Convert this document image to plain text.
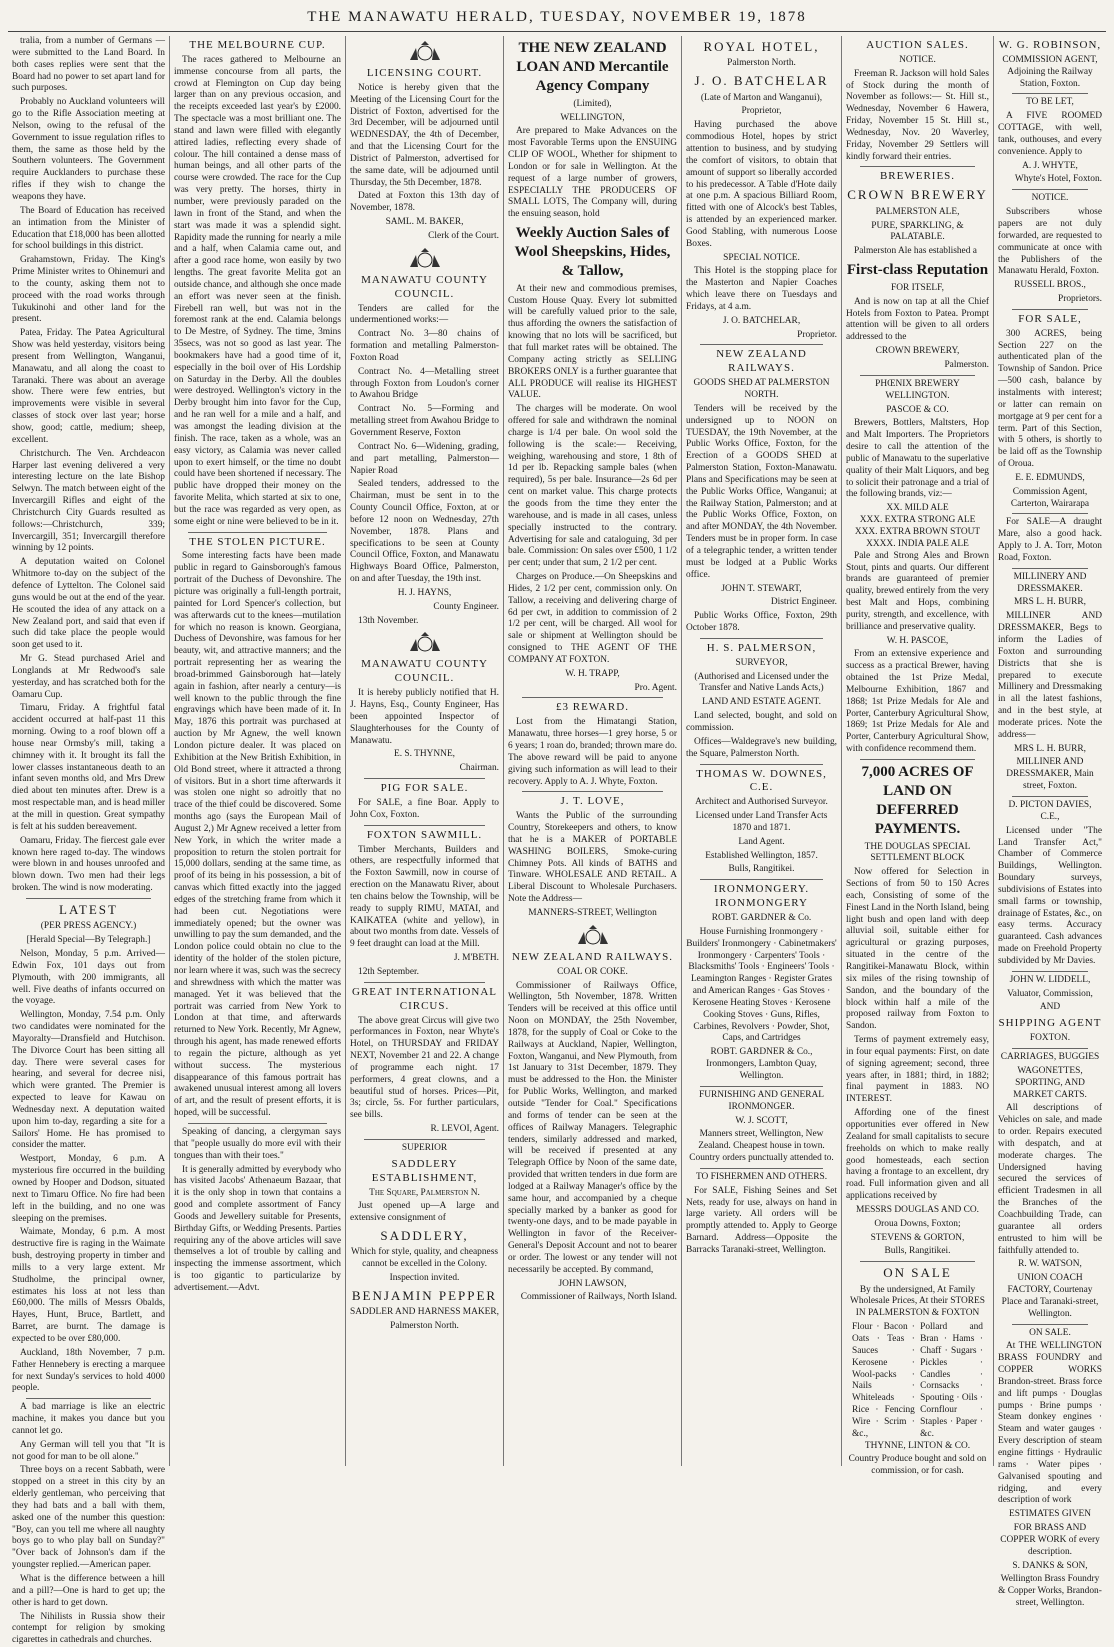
THE MANAWATU HERALD, TUESDAY, NOVEMBER 19, 1878

tralia, from a number of Germans — were submitted to the Land Board. In both cases replies were sent that the Board had no power to set apart land for such purposes.

Probably no Auckland volunteers will go to the Rifle Association meeting at Nelson, owing to the refusal of the Government to issue regulation rifles to them, the same as those held by the Southern volunteers. The Government require Aucklanders to purchase these rifles if they wish to change the weapons they have.

The Board of Education has received an intimation from the Minister of Education that £18,000 has been allotted for school buildings in this district.

Grahamstown, Friday. The King's Prime Minister writes to Ohinemuri and to the county, asking them not to proceed with the road works through Tukukinohi and other land for the present.

Patea, Friday. The Patea Agricultural Show was held yesterday, visitors being present from Wellington, Wanganui, Manawatu, and all along the coast to Taranaki. There was about an average show. There were few entries, but improvements were visible in several classes of stock over last year; horse show, good; cattle, medium; sheep, excellent.

Christchurch. The Ven. Archdeacon Harper last evening delivered a very interesting lecture on the late Bishop Selwyn. The match between eight of the Invercargill Rifles and eight of the Christchurch City Guards resulted as follows:—Christchurch, 339; Invercargill, 351; Invercargill therefore winning by 12 points.

A deputation waited on Colonel Whitmore to-day on the subject of the defence of Lyttelton. The Colonel said guns would be out at the end of the year. He scouted the idea of any attack on a New Zealand port, and said that even if such did take place the people would soon get used to it.

Mr G. Stead purchased Ariel and Longlands at Mr Redwood's sale yesterday, and has scratched both for the Oamaru Cup.

Timaru, Friday. A frightful fatal accident occurred at half-past 11 this morning. Owing to a roof blown off a house near Ormsby's mill, taking a chimney with it. It brought its fall the lower classes instantaneous death to an infant seven months old, and Mrs Drew died about ten minutes after. Drew is a most respectable man, and is head miller at the mill in question. Great sympathy is felt at his sudden bereavement.

Oamaru, Friday. The fiercest gale ever known here raged to-day. The windows were blown in and houses unroofed and blown down. Two men had their legs broken. The wind is now moderating.

LATEST

(PER PRESS AGENCY.)

[Herald Special—By Telegraph.]

Nelson, Monday, 5 p.m. Arrived—Edwin Fox, 101 days out from Plymouth, with 200 immigrants, all well. Five deaths of infants occurred on the voyage.

Wellington, Monday, 7.54 p.m. Only two candidates were nominated for the Mayoralty—Dransfield and Hutchison. The Divorce Court has been sitting all day. There were several cases for hearing, and several for decree nisi, which were granted. The Premier is expected to leave for Kawau on Wednesday next. A deputation waited upon him to-day, regarding a site for a Sailors' Home. He has promised to consider the matter.

Westport, Monday, 6 p.m. A mysterious fire occurred in the building owned by Hooper and Dodson, situated next to Timaru Office. No fire had been left in the building, and no one was sleeping on the premises.

Waimate, Monday, 6 p.m. A most destructive fire is raging in the Waimate bush, destroying property in timber and mills to a very large extent. Mr Studholme, the principal owner, estimates his loss at not less than £60,000. The mills of Messrs Obalds, Hayes, Hunt, Bruce, Bartlett, and Barret, are burnt. The damage is expected to be over £80,000.

Auckland, 18th November, 7 p.m. Father Hennebery is erecting a marquee for next Sunday's services to hold 4000 people.

A bad marriage is like an electric machine, it makes you dance but you cannot let go.

Any German will tell you that "It is not good for man to be oll alone."

Three boys on a recent Sabbath, were stopped on a street in this city by an elderly gentleman, who perceiving that they had bats and a ball with them, asked one of the number this question: "Boy, can you tell me where all naughty boys go to who play ball on Sunday?" "Over back of Johnson's dam if the youngster replied.—American paper.

What is the difference between a hill and a pill?—One is hard to get up; the other is hard to get down.

The Nihilists in Russia show their contempt for religion by smoking cigarettes in cathedrals and churches.

THE MELBOURNE CUP.

The races gathered to Melbourne an immense concourse from all parts, the crowd at Flemington on Cup day being larger than on any previous occasion, and the receipts exceeded last year's by £2000. The spectacle was a most brilliant one. The stand and lawn were filled with elegantly attired ladies, reflecting every shade of colour. The hill contained a dense mass of human beings, and all other parts of the course were crowded. The race for the Cup was very pretty. The horses, thirty in number, were previously paraded on the lawn in front of the Stand, and when the start was made it was a splendid sight. Rapidity made the running for nearly a mile and a half, when Calamia came out, and after a good race home, won easily by two lengths. The great favorite Melita got an outside chance, and although she once made an effort was never seen at the finish. Firebell ran well, but was not in the foremost rank at the end. Calamia belongs to De Mestre, of Sydney. The time, 3mins 35secs, was not so good as last year. The bookmakers have had a good time of it, especially in the boil over of His Lordship on Saturday in the Derby. All the doubles were destroyed. Wellington's victory in the Derby brought him into favor for the Cup, and he ran well for a mile and a half, and was amongst the leading division at the finish. The race, taken as a whole, was an easy victory, as Calamia was never called upon to exert himself, or the time no doubt could have been shortened if necessary. The public have dropped their money on the favorite Melita, which started at six to one, but the race was regarded as very open, as some eight or nine were believed to be in it.

THE STOLEN PICTURE.

Some interesting facts have been made public in regard to Gainsborough's famous portrait of the Duchess of Devonshire. The picture was originally a full-length portrait, painted for Lord Spencer's collection, but was afterwards cut to the knees—mutilation for which no reason is known. Georgiana, Duchess of Devonshire, was famous for her beauty, wit, and attractive manners; and the portrait representing her as wearing the broad-brimmed Gainsborough hat—lately again in fashion, after nearly a century—is well known to the public through the fine engravings which have been made of it. In May, 1876 this portrait was purchased at auction by Mr Agnew, the well known London picture dealer. It was placed on Exhibition at the New British Exhibition, in Old Bond street, where it attracted a throng of visitors. But in a short time afterwards it was stolen one night so adroitly that no trace of the thief could be discovered. Some months ago (says the European Mail of August 2,) Mr Agnew received a letter from New York, in which the writer made a proposition to return the stolen portrait for 15,000 dollars, sending at the same time, as proof of its being in his possession, a bit of canvas which fitted exactly into the jagged edges of the stretching frame from which it had been cut. Negotiations were immediately opened; but the owner was unwilling to pay the sum demanded, and the London police could obtain no clue to the identity of the holder of the stolen picture, nor learn where it was, such was the secrecy and shrewdness with which the matter was managed. Yet it was believed that the portrait was carried from New York to London at that time, and afterwards returned to New York. Recently, Mr Agnew, through his agent, has made renewed efforts to regain the picture, although as yet without success. The mysterious disappearance of this famous portrait has awakened unusual interest among all lovers of art, and the result of present efforts, it is hoped, will be successful.

Speaking of dancing, a clergyman says that "people usually do more evil with their tongues than with their toes."

It is generally admitted by everybody who has visited Jacobs' Athenaeum Bazaar, that it is the only shop in town that contains a good and complete assortment of Fancy Goods and Jewellery suitable for Presents, Birthday Gifts, or Wedding Presents. Parties requiring any of the above articles will save themselves a lot of trouble by calling and inspecting the immense assortment, which is too gigantic to particularize by advertisement.—Advt.

LICENSING COURT.

Notice is hereby given that the Meeting of the Licensing Court for the District of Foxton, advertised for the 3rd December, will be adjourned until WEDNESDAY, the 4th of December, and that the Licensing Court for the District of Palmerston, advertised for the same date, will be adjourned until Thursday, the 5th December, 1878.

Dated at Foxton this 13th day of November, 1878.

SAML. M. BAKER,

Clerk of the Court.

MANAWATU COUNTY COUNCIL.

Tenders are called for the undermentioned works:—

Contract No. 3—80 chains of formation and metalling Palmerston-Foxton Road

Contract No. 4—Metalling street through Foxton from Loudon's corner to Awahou Bridge

Contract No. 5—Forming and metalling street from Awahou Bridge to Government Reserve, Foxton

Contract No. 6—Widening, grading, and part metalling, Palmerston—Napier Road

Sealed tenders, addressed to the Chairman, must be sent in to the County Council Office, Foxton, at or before 12 noon on Wednesday, 27th November, 1878. Plans and specifications to be seen at County Council Office, Foxton, and Manawatu Highways Board Office, Palmerston, on and after Tuesday, the 19th inst.

H. J. HAYNS,

County Engineer.

13th November.

MANAWATU COUNTY COUNCIL.

It is hereby publicly notified that H. J. Hayns, Esq., County Engineer, Has been appointed Inspector of Slaughterhouses for the County of Manawatu.

E. S. THYNNE,

Chairman.

PIG FOR SALE.

For SALE, a fine Boar. Apply to John Cox, Foxton.

FOXTON SAWMILL.

Timber Merchants, Builders and others, are respectfully informed that the Foxton Sawmill, now in course of erection on the Manawatu River, about ten chains below the Township, will be ready to supply RIMU, MATAI, and KAIKATEA (white and yellow), in about two months from date. Vessels of 9 feet draught can load at the Mill.

J. M'BETH.

12th September.

GREAT INTERNATIONAL CIRCUS.

The above great Circus will give two performances in Foxton, near Whyte's Hotel, on THURSDAY and FRIDAY NEXT, November 21 and 22. A change of programme each night. 17 performers, 4 great clowns, and a beautiful stud of horses. Prices—Pit, 3s; circle, 5s. For further particulars, see bills.

R. LEVOI, Agent.

SUPERIOR
SADDLERY ESTABLISHMENT,
The Square, Palmerston N.

Just opened up—A large and extensive consignment of

SADDLERY,

Which for style, quality, and cheapness cannot be excelled in the Colony.

Inspection invited.

BENJAMIN PEPPER

SADDLER AND HARNESS MAKER,

Palmerston North.

THE NEW ZEALAND LOAN AND Mercantile Agency Company

(Limited),

WELLINGTON,

Are prepared to Make Advances on the most Favorable Terms upon the ENSUING CLIP OF WOOL, Whether for shipment to London or for sale in Wellington. At the request of a large number of growers, ESPECIALLY THE PRODUCERS OF SMALL LOTS, The Company will, during the ensuing season, hold

Weekly Auction Sales of Wool Sheepskins, Hides, & Tallow,

At their new and commodious premises, Custom House Quay. Every lot submitted will be carefully valued prior to the sale, thus affording the owners the satisfaction of knowing that no lots will be sacrificed, but that full market rates will be obtained. The Company acting strictly as SELLING BROKERS ONLY is a further guarantee that ALL PRODUCE will realise its HIGHEST VALUE.

The charges will be moderate. On wool offered for sale and withdrawn the nominal charge is 1/4 per bale. On wool sold the following is the scale:— Receiving, weighing, warehousing and store, 1 8th of 1d per lb. Repacking sample bales (when required), 5s per bale. Insurance—2s 6d per cent on market value. This charge protects the goods from the time they enter the warehouse, and is made in all cases, unless specially instructed to the contrary. Advertising for sale and cataloguing, 3d per bale. Commission: On sales over £500, 1 1/2 per cent; under that sum, 2 1/2 per cent.

Charges on Produce.—On Sheepskins and Hides, 2 1/2 per cent, commission only. On Tallow, a receiving and delivering charge of 6d per cwt, in addition to commission of 2 1/2 per cent, will be charged. All wool for sale or shipment at Wellington should be consigned to THE AGENT OF THE COMPANY AT FOXTON.

W. H. TRAPP,

Pro. Agent.

£3 REWARD.

Lost from the Himatangi Station, Manawatu, three horses—1 grey horse, 5 or 6 years; 1 roan do, branded; thrown mare do. The above reward will be paid to anyone giving such information as will lead to their recovery. Apply to A. J. Whyte, Foxton.

J. T. LOVE,

Wants the Public of the surrounding Country, Storekeepers and others, to know that he is a MAKER of PORTABLE WASHING BOILERS, Smoke-curing Chimney Pots. All kinds of BATHS and Tinware. WHOLESALE AND RETAIL. A Liberal Discount to Wholesale Purchasers. Note the Address—

MANNERS-STREET, Wellington

NEW ZEALAND RAILWAYS.
COAL OR COKE.

Commissioner of Railways Office, Wellington, 5th November, 1878. Written Tenders will be received at this office until Noon on MONDAY, the 25th November, 1878, for the supply of Coal or Coke to the Railways at Auckland, Napier, Wellington, Foxton, Wanganui, and New Plymouth, from 1st January to 31st December, 1879. They must be addressed to the Hon. the Minister for Public Works, Wellington, and marked outside "Tender for Coal." Specifications and forms of tender can be seen at the offices of Railway Managers. Telegraphic tenders, similarly addressed and marked, will be received if presented at any Telegraph Office by Noon of the same date, provided that written tenders in due form are lodged at a Railway Manager's office by the same hour, and accompanied by a cheque specially marked by a banker as good for twenty-one days, and to be made payable in Wellington in favor of the Receiver-General's Deposit Account and not to bearer or order. The lowest or any tender will not necessarily be accepted. By command,

JOHN LAWSON,

Commissioner of Railways, North Island.

ROYAL HOTEL,

Palmerston North.

J. O. BATCHELAR

(Late of Marton and Wanganui),

Proprietor,

Having purchased the above commodious Hotel, hopes by strict attention to business, and by studying the comfort of visitors, to obtain that amount of support so liberally accorded to his predecessor. A Table d'Hote daily at one p.m. A spacious Billiard Room, fitted with one of Alcock's best Tables, is attended by an experienced marker. Good Stabling, with numerous Loose Boxes.

SPECIAL NOTICE.

This Hotel is the stopping place for the Masterton and Napier Coaches which leave there on Tuesdays and Fridays, at 4 a.m.

J. O. BATCHELAR,

Proprietor.

NEW ZEALAND RAILWAYS.
GOODS SHED AT PALMERSTON NORTH.

Tenders will be received by the undersigned up to NOON on TUESDAY, the 19th November, at the Public Works Office, Foxton, for the Erection of a GOODS SHED at Palmerston Station, Foxton-Manawatu. Plans and Specifications may be seen at the Public Works Office, Wanganui; at the Railway Station, Palmerston; and at the Public Works Office, Foxton, on and after MONDAY, the 4th November. Tenders must be in proper form. In case of a telegraphic tender, a written tender must be lodged at a Public Works office.

JOHN T. STEWART,

District Engineer.

Public Works Office, Foxton, 29th October 1878.

H. S. PALMERSON,
SURVEYOR,

(Authorised and Licensed under the Transfer and Native Lands Acts,)

LAND AND ESTATE AGENT.

Land selected, bought, and sold on commission.

Offices—Waldegrave's new building, the Square, Palmerston North.

THOMAS W. DOWNES, C.E.

Architect and Authorised Surveyor.

Licensed under Land Transfer Acts 1870 and 1871.

Land Agent.

Established Wellington, 1857.

Bulls, Rangitikei.

IRONMONGERY. IRONMONGERY

ROBT. GARDNER & Co.

House Furnishing Ironmongery · Builders' Ironmongery · Cabinetmakers' Ironmongery · Carpenters' Tools · Blacksmiths' Tools · Engineers' Tools · Leamington Ranges · Register Grates and American Ranges · Gas Stoves · Kerosene Heating Stoves · Kerosene Cooking Stoves · Guns, Rifles, Carbines, Revolvers · Powder, Shot, Caps, and Cartridges

ROBT. GARDNER & Co., Ironmongers, Lambton Quay, Wellington.

FURNISHING AND GENERAL IRONMONGER.

W. J. SCOTT,

Manners street, Wellington, New Zealand. Cheapest house in town. Country orders punctually attended to.

TO FISHERMEN AND OTHERS.

For SALE, Fishing Seines and Set Nets, ready for use, always on hand in large variety. All orders will be promptly attended to. Apply to George Barnard. Address—Opposite the Barracks Taranaki-street, Wellington.

AUCTION SALES.
NOTICE.

Freeman R. Jackson will hold Sales of Stock during the month of November as follows:— St. Hill st., Wednesday, November 6 Hawera, Friday, November 15 St. Hill st., Wednesday, Nov. 20 Waverley, Friday, November 29 Settlers will kindly forward their entries.

BREWERIES.
CROWN BREWERY

PALMERSTON ALE,

PURE, SPARKLING, & PALATABLE.

Palmerston Ale has established a

First-class Reputation

FOR ITSELF,

And is now on tap at all the Chief Hotels from Foxton to Patea. Prompt attention will be given to all orders addressed to the

CROWN BREWERY,

Palmerston.

PHŒNIX BREWERY WELLINGTON.

PASCOE & CO.

Brewers, Bottlers, Maltsters, Hop and Malt Importers. The Proprietors desire to call the attention of the public of Manawatu to the superlative quality of their Malt Liquors, and beg to solicit their patronage and a trial of the following brands, viz:—

XX. MILD ALE
XXX. EXTRA STRONG ALE
XXX. EXTRA BROWN STOUT
XXXX. INDIA PALE ALE

Pale and Strong Ales and Brown Stout, pints and quarts. Our different brands are guaranteed of premier quality, brewed entirely from the very best Malt and Hops, combining purity, strength, and excellence, with brilliance and preservative quality.

W. H. PASCOE,

From an extensive experience and success as a practical Brewer, having obtained the 1st Prize Medal, Melbourne Exhibition, 1867 and 1868; 1st Prize Medals for Ale and Porter, Canterbury Agricultural Show, 1869; 1st Prize Medals for Ale and Porter, Canterbury Agricultural Show, with confidence recommend them.

7,000 ACRES OF LAND ON DEFERRED PAYMENTS.
THE DOUGLAS SPECIAL SETTLEMENT BLOCK

Now offered for Selection in Sections of from 50 to 150 Acres each, Consisting of some of the Finest Land in the North Island, being light bush and open land with deep alluvial soil, suitable either for agricultural or grazing purposes, situated in the centre of the Rangitikei-Manawatu Block, within six miles of the rising township of Sandon, and the boundary of the block within half a mile of the proposed railway from Foxton to Sandon.

Terms of payment extremely easy, in four equal payments: First, on date of signing agreement; second, three years after, in 1881; third, in 1882; final payment in 1883. NO INTEREST.

Affording one of the finest opportunities ever offered in New Zealand for small capitalists to secure freeholds on which to make really good homesteads, each section having a frontage to an excellent, dry road. Full information given and all applications received by

MESSRS DOUGLAS AND CO.

Oroua Downs, Foxton;

STEVENS & GORTON,

Bulls, Rangitikei.

ON SALE

By the undersigned, At Family Wholesale Prices, At their STORES IN PALMERSTON & FOXTON

Flour · Bacon · Oats · Teas · Sauces · Kerosene · Wool-packs · Nails · Whiteleads · Rice · Fencing Wire · Scrim · &c.,
Pollard and Bran · Hams · Chaff · Sugars · Pickles · Candles · Cornsacks · Spouting · Oils · Cornflour · Staples · Paper · &c.

THYNNE, LINTON & CO.

Country Produce bought and sold on commission, or for cash.

W. G. ROBINSON,

COMMISSION AGENT, Adjoining the Railway Station, Foxton.

TO BE LET,

A FIVE ROOMED COTTAGE, with well, tank, outhouses, and every convenience. Apply to

A. J. WHYTE,

Whyte's Hotel, Foxton.

NOTICE.

Subscribers whose papers are not duly forwarded, are requested to communicate at once with the Publishers of the Manawatu Herald, Foxton.

RUSSELL BROS.,

Proprietors.

FOR SALE,

300 ACRES, being Section 227 on the authenticated plan of the Township of Sandon. Price —500 cash, balance by instalments with interest; or latter can remain on mortgage at 9 per cent for a term. Part of this Section, with 5 others, is shortly to be laid off as the Township of Oroua.

E. E. EDMUNDS,

Commission Agent, Carterton, Wairarapa

For SALE—A draught Mare, also a good hack. Apply to J. A. Torr, Moton Road, Foxton.

MILLINERY AND DRESSMAKER.

MRS L. H. BURR,

MILLINER AND DRESSMAKER, Begs to inform the Ladies of Foxton and surrounding Districts that she is prepared to execute Millinery and Dressmaking in all the latest fashions, and in the best style, at moderate prices. Note the address—

MRS L. H. BURR,

MILLINER AND DRESSMAKER, Main street, Foxton.

D. PICTON DAVIES, C.E.,

Licensed under "The Land Transfer Act," Chamber of Commerce Buildings, Wellington. Boundary surveys, subdivisions of Estates into small farms or township, drainage of Estates, &c., on easy terms. Accuracy guaranteed. Cash advances made on Freehold Property subdivided by Mr Davies.

JOHN W. LIDDELL,

Valuator, Commission,

AND

SHIPPING AGENT

FOXTON.

CARRIAGES, BUGGIES

WAGONETTES, SPORTING, AND MARKET CARTS.

All descriptions of Vehicles on sale, and made to order. Repairs executed with despatch, and at moderate charges. The Undersigned having secured the services of efficient Tradesmen in all the Branches of the Coachbuilding Trade, can guarantee all orders entrusted to him will be faithfully attended to.

R. W. WATSON,

UNION COACH FACTORY, Courtenay Place and Taranaki-street, Wellington.

ON SALE.

At THE WELLINGTON BRASS FOUNDRY and COPPER WORKS Brandon-street. Brass force and lift pumps · Douglas pumps · Brine pumps · Steam donkey engines · Steam and water gauges · Every description of steam engine fittings · Hydraulic rams · Water pipes · Galvanised spouting and ridging, and every description of work

ESTIMATES GIVEN

FOR BRASS AND COPPER WORK of every description.

S. DANKS & SON,

Wellington Brass Foundry & Copper Works, Brandon-street, Wellington.
